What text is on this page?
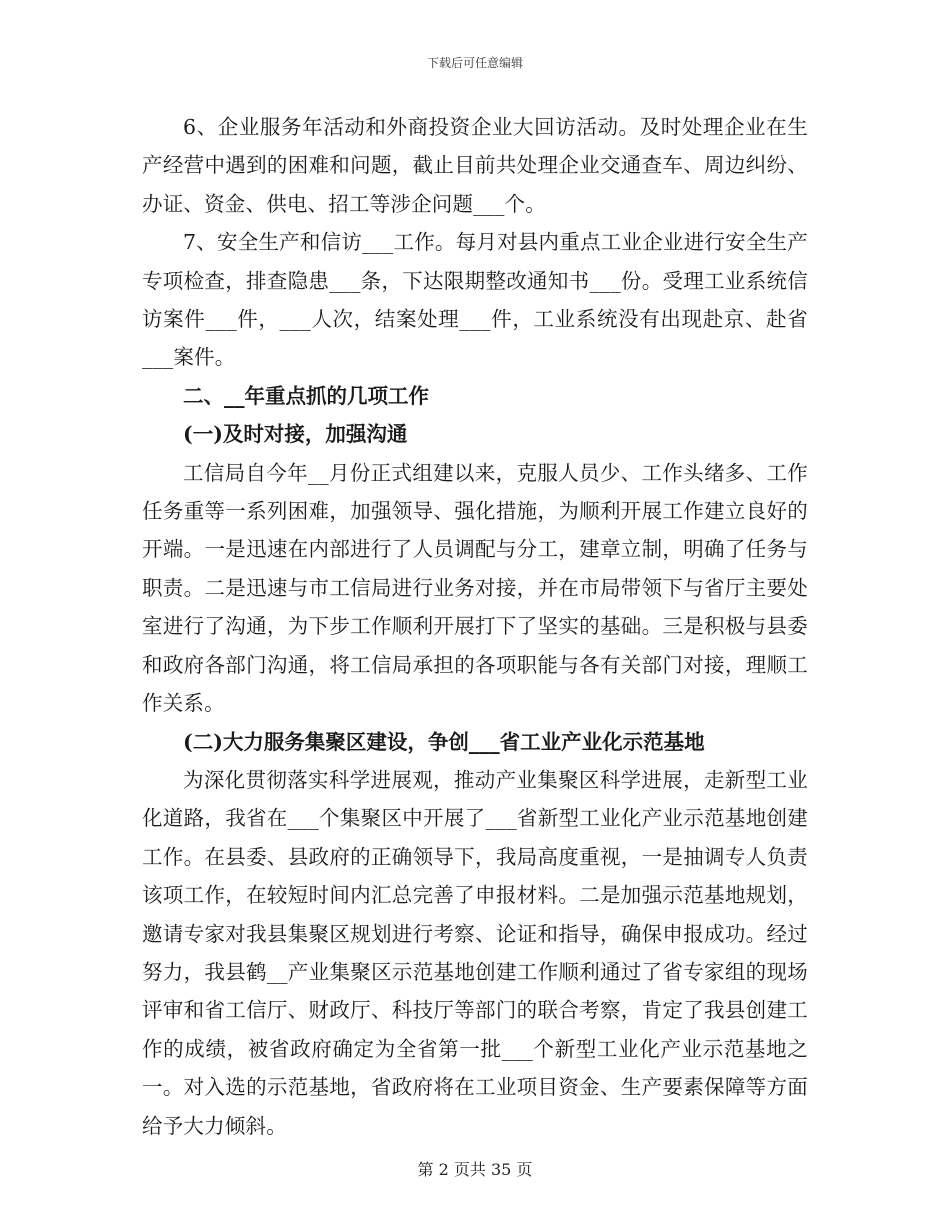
下载后可任意编辑

6、企业服务年活动和外商投资企业大回访活动。及时处理企业在生产经营中遇到的困难和问题，截止目前共处理企业交通查车、周边纠纷、办证、资金、供电、招工等涉企问题___个。

7、安全生产和信访___工作。每月对县内重点工业企业进行安全生产专项检查，排查隐患___条，下达限期整改通知书___份。受理工业系统信访案件___件，___人次，结案处理___件，工业系统没有出现赴京、赴省___案件。

二、__年重点抓的几项工作

(一)及时对接，加强沟通

工信局自今年__月份正式组建以来，克服人员少、工作头绪多、工作任务重等一系列困难，加强领导、强化措施，为顺利开展工作建立良好的开端。一是迅速在内部进行了人员调配与分工，建章立制，明确了任务与职责。二是迅速与市工信局进行业务对接，并在市局带领下与省厅主要处室进行了沟通，为下步工作顺利开展打下了坚实的基础。三是积极与县委和政府各部门沟通，将工信局承担的各项职能与各有关部门对接，理顺工作关系。

(二)大力服务集聚区建设，争创___省工业产业化示范基地

为深化贯彻落实科学进展观，推动产业集聚区科学进展，走新型工业化道路，我省在___个集聚区中开展了___省新型工业化产业示范基地创建工作。在县委、县政府的正确领导下，我局高度重视，一是抽调专人负责该项工作，在较短时间内汇总完善了申报材料。二是加强示范基地规划，邀请专家对我县集聚区规划进行考察、论证和指导，确保申报成功。经过努力，我县鹤__产业集聚区示范基地创建工作顺利通过了省专家组的现场评审和省工信厅、财政厅、科技厅等部门的联合考察，肯定了我县创建工作的成绩，被省政府确定为全省第一批___个新型工业化产业示范基地之一。对入选的示范基地，省政府将在工业项目资金、生产要素保障等方面给予大力倾斜。

第 2 页共 35 页
